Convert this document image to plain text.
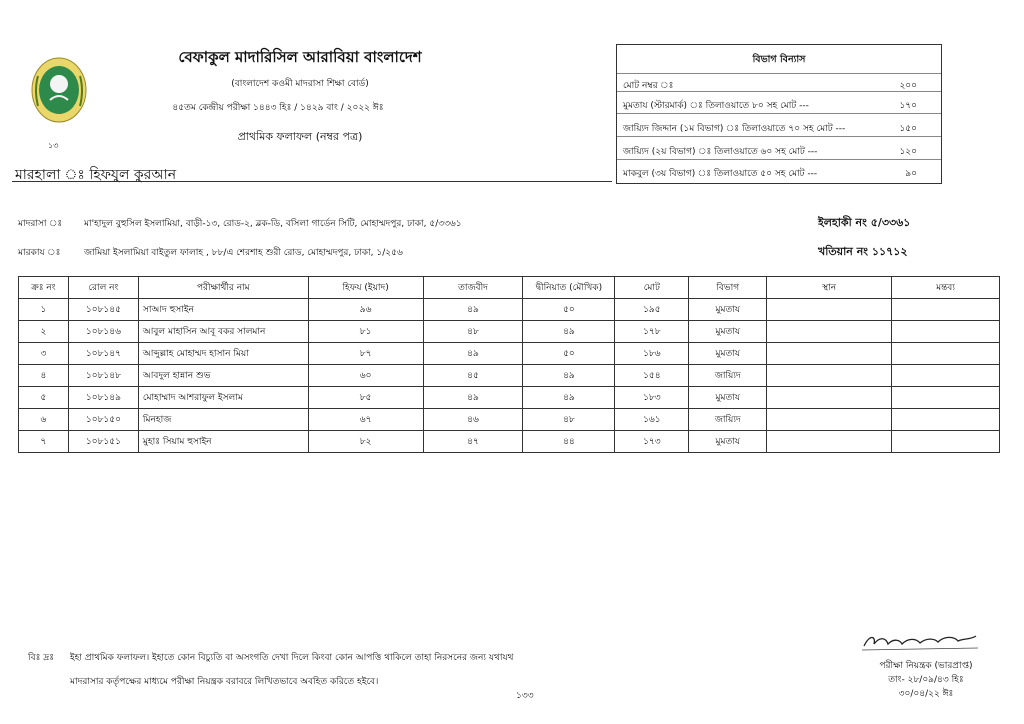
১৩
বেফাকুল মাদারিসিল আরাবিয়া বাংলাদেশ
(বাংলাদেশ কওমী মাদরাসা শিক্ষা বোর্ড)
৪৫তম কেন্দ্রীয় পরীক্ষা ১৪৪৩ হিঃ / ১৪২৯ বাং / ২০২২ ঈঃ
প্রাথমিক ফলাফল (নম্বর পত্র)
মারহালা ঃ হিফযুল কুরআন
বিভাগ বিন্যাস
মোট নম্বর ঃ	২০০
মুমতায (স্টারমার্ক) ঃ তিলাওয়াতে ৮০ সহ মোট ---	১৭০
জায়্যিদ জিদ্দান (১ম বিভাগ) ঃ তিলাওয়াতে ৭০ সহ মোট ---	১৫০
জায়্যিদ (২য় বিভাগ) ঃ তিলাওয়াতে ৬০ সহ মোট ---	১২০
মাকবুল (৩য় বিভাগ) ঃ তিলাওয়াতে ৫০ সহ মোট ---	৯০
মাদরাসা ঃ মা'হাদুল বুহুসিল ইসলামিয়া, বাড়ী-১৩, রোড-২, ব্লক-ডি, বসিলা গার্ডেন সিটি, মোহাম্মদপুর, ঢাকা, ৫/৩৩৬১	ইলহাকী নং ৫/৩৩৬১
মারকায ঃ	জামিয়া ইসলামিয়া বাইতুল ফালাহ , ৮৮/এ শেরশাহ শুরী রোড, মোহাম্মদপুর, ঢাকা, ১/২৫৬	খতিয়ান নং ১১৭১২
ক্রঃ নং	রোল নং	পরীক্ষার্থীর নাম	হিফয (ইয়াদ)	তাজবীদ	দ্বীনিয়াত (মৌখিক)	মোট	বিভাগ	স্থান	মন্তব্য
১	১০৮১৪৫	সাআদ হুসাইন	৯৬	৪৯	৫০	১৯৫	মুমতায		
২	১০৮১৪৬	আবুল মাহাসিন আবূ বকর সালমান	৮১	৪৮	৪৯	১৭৮	মুমতায		
৩	১০৮১৪৭	আব্দুল্লাহ মোহাম্মদ হাসান মিয়া	৮৭	৪৯	৫০	১৮৬	মুমতায		
৪	১০৮১৪৮	আবদুল হান্নান শুভ	৬০	৪৫	৪৯	১৫৪	জায়্যিদ		
৫	১০৮১৪৯	মোহাম্মাদ আশরাফুল ইসলাম	৮৫	৪৯	৪৯	১৮৩	মুমতায		
৬	১০৮১৫০	মিনহাজ	৬৭	৪৬	৪৮	১৬১	জায়্যিদ		
৭	১০৮১৫১	মুহাঃ সিয়াম হুসাইন	৮২	৪৭	৪৪	১৭৩	মুমতায		
বিঃ দ্রঃ ইহা প্রাথমিক ফলাফল। ইহাতে কোন বিচ্যুতি বা অসংগতি দেখা দিলে কিংবা কোন আপত্তি থাকিলে তাহা নিরসনের জন্য যথাযথ
মাদরাসার কর্তৃপক্ষের মাধ্যমে পরীক্ষা নিয়ন্ত্রক বরাবরে লিখিতভাবে অবহিত করিতে হইবে।
১৩৩
পরীক্ষা নিয়ন্ত্রক (ভারপ্রাপ্ত)
তাং- ২৮/০৯/৪৩ হিঃ
৩০/০৪/২২ ঈঃ
